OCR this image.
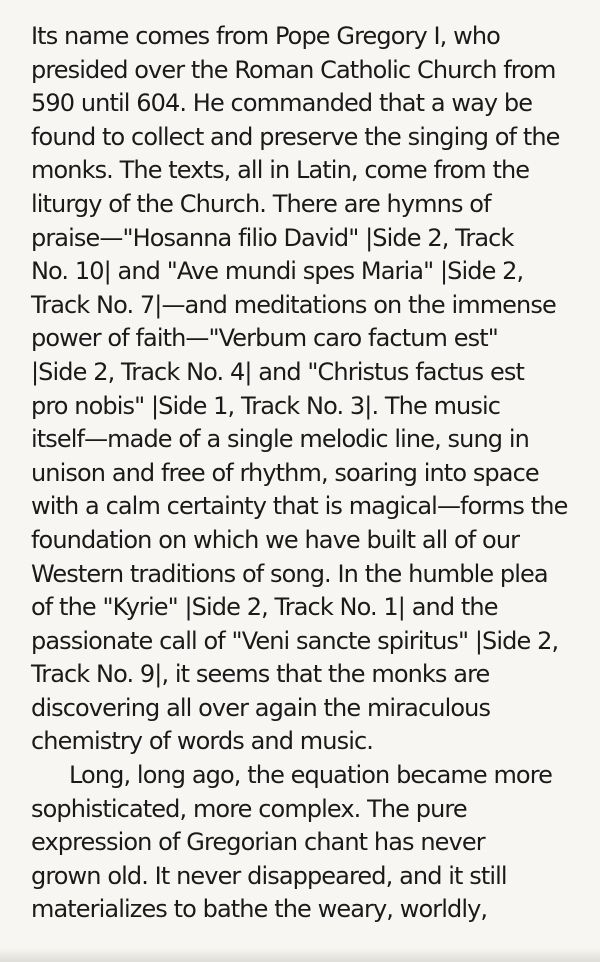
Its name comes from Pope Gregory I, who
presided over the Roman Catholic Church from
590 until 604. He commanded that a way be
found to collect and preserve the singing of the
monks. The texts, all in Latin, come from the
liturgy of the Church. There are hymns of
praise—"Hosanna filio David" |Side 2, Track
No. 10| and "Ave mundi spes Maria" |Side 2,
Track No. 7|—and meditations on the immense
power of faith—"Verbum caro factum est"
|Side 2, Track No. 4| and "Christus factus est
pro nobis" |Side 1, Track No. 3|. The music
itself—made of a single melodic line, sung in
unison and free of rhythm, soaring into space
with a calm certainty that is magical—forms the
foundation on which we have built all of our
Western traditions of song. In the humble plea
of the "Kyrie" |Side 2, Track No. 1| and the
passionate call of "Veni sancte spiritus" |Side 2,
Track No. 9|, it seems that the monks are
discovering all over again the miraculous
chemistry of words and music.

Long, long ago, the equation became more
sophisticated, more complex. The pure
expression of Gregorian chant has never
grown old. It never disappeared, and it still
materializes to bathe the weary, worldly,
